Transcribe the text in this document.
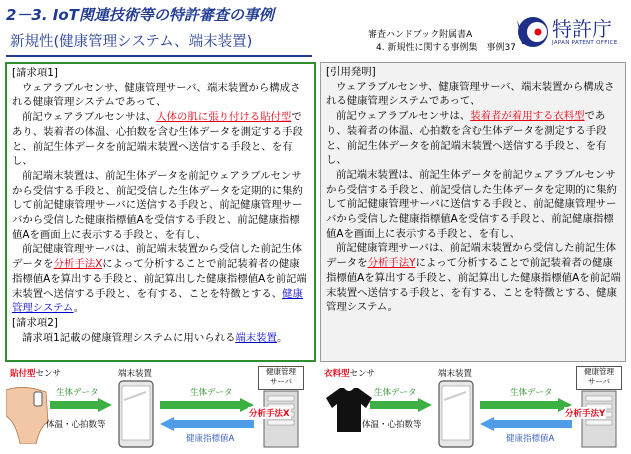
2－3. IoT関連技術等の特許審査の事例
新規性(健康管理システム、端末装置)	審査ハンドブック附属書A
4. 新規性に関する事例集　事例37
特許庁
JAPAN PATENT OFFICE
[請求項1]
ウェアラブルセンサ、健康管理サーバ、端末装置から構成される健康管理システムであって、
前記ウェアラブルセンサは、人体の肌に張り付ける貼付型であり、装着者の体温、心拍数を含む生体データを測定する手段と、前記生体データを前記端末装置へ送信する手段と、を有し、
前記端末装置は、前記生体データを前記ウェアラブルセンサから受信する手段と、前記受信した生体データを定期的に集約して前記健康管理サーバに送信する手段と、前記健康管理サーバから受信した健康指標値Aを受信する手段と、前記健康指標値Aを画面上に表示する手段と、を有し、
前記健康管理サーバは、前記端末装置から受信した前記生体データを分析手法Xによって分析することで前記装着者の健康指標値Aを算出する手段と、前記算出した健康指標値Aを前記端末装置へ送信する手段と、を有する、ことを特徴とする、健康管理システム。
[請求項2]
請求項1記載の健康管理システムに用いられる端末装置。
[引用発明]
ウェアラブルセンサ、健康管理サーバ、端末装置から構成される健康管理システムであって、
前記ウェアラブルセンサは、装着者が着用する衣料型であり、装着者の体温、心拍数を含む生体データを測定する手段と、前記生体データを前記端末装置へ送信する手段と、を有し、
前記端末装置は、前記生体データを前記ウェアラブルセンサから受信する手段と、前記受信した生体データを定期的に集約して前記健康管理サーバに送信する手段と、前記健康管理サーバから受信した健康指標値Aを受信する手段と、前記健康指標値Aを画面上に表示する手段と、を有し、
前記健康管理サーバは、前記端末装置から受信した前記生体データを分析手法Yによって分析することで前記装着者の健康指標値Aを算出する手段と、前記算出した健康指標値Aを前記端末装置へ送信する手段と、を有する、ことを特徴とする、健康管理システム。
貼付型センサ	端末装置
生体データ
体温・心拍数等
生体データ
健康指標値A
健康管理
サーバ
分析手法X
衣料型センサ	端末装置
生体データ
体温・心拍数等
生体データ
健康指標値A
健康管理
サーバ
分析手法Y
